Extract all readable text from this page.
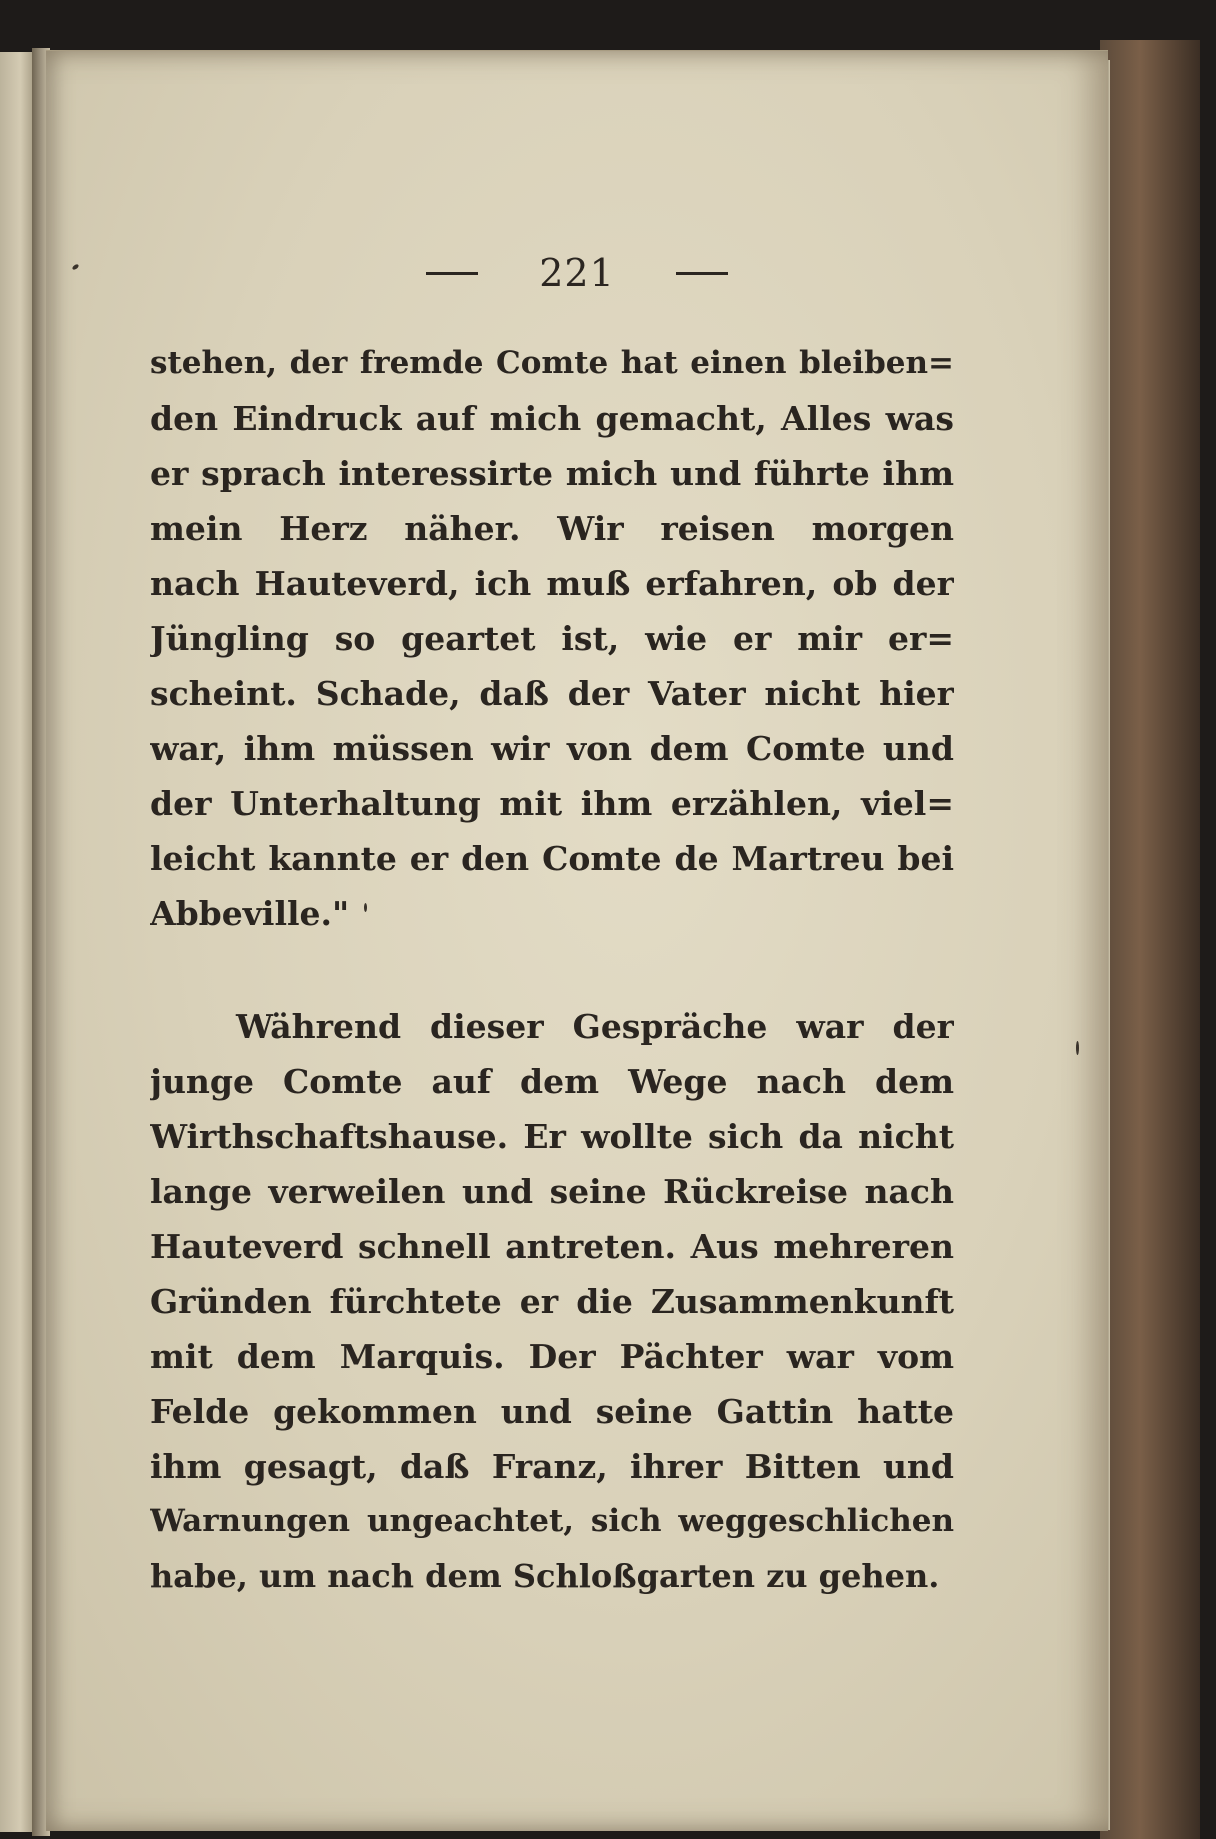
221
stehen, der fremde Comte hat einen bleiben=
den Eindruck auf mich gemacht, Alles was
er sprach interessirte mich und führte ihm
mein Herz näher. Wir reisen morgen
nach Hauteverd, ich muß erfahren, ob der
Jüngling so geartet ist, wie er mir er=
scheint. Schade, daß der Vater nicht hier
war, ihm müssen wir von dem Comte und
der Unterhaltung mit ihm erzählen, viel=
leicht kannte er den Comte de Martreu bei
Abbeville."
Während dieser Gespräche war der
junge Comte auf dem Wege nach dem
Wirthschaftshause. Er wollte sich da nicht
lange verweilen und seine Rückreise nach
Hauteverd schnell antreten. Aus mehreren
Gründen fürchtete er die Zusammenkunft
mit dem Marquis. Der Pächter war vom
Felde gekommen und seine Gattin hatte
ihm gesagt, daß Franz, ihrer Bitten und
Warnungen ungeachtet, sich weggeschlichen
habe, um nach dem Schloßgarten zu gehen.
